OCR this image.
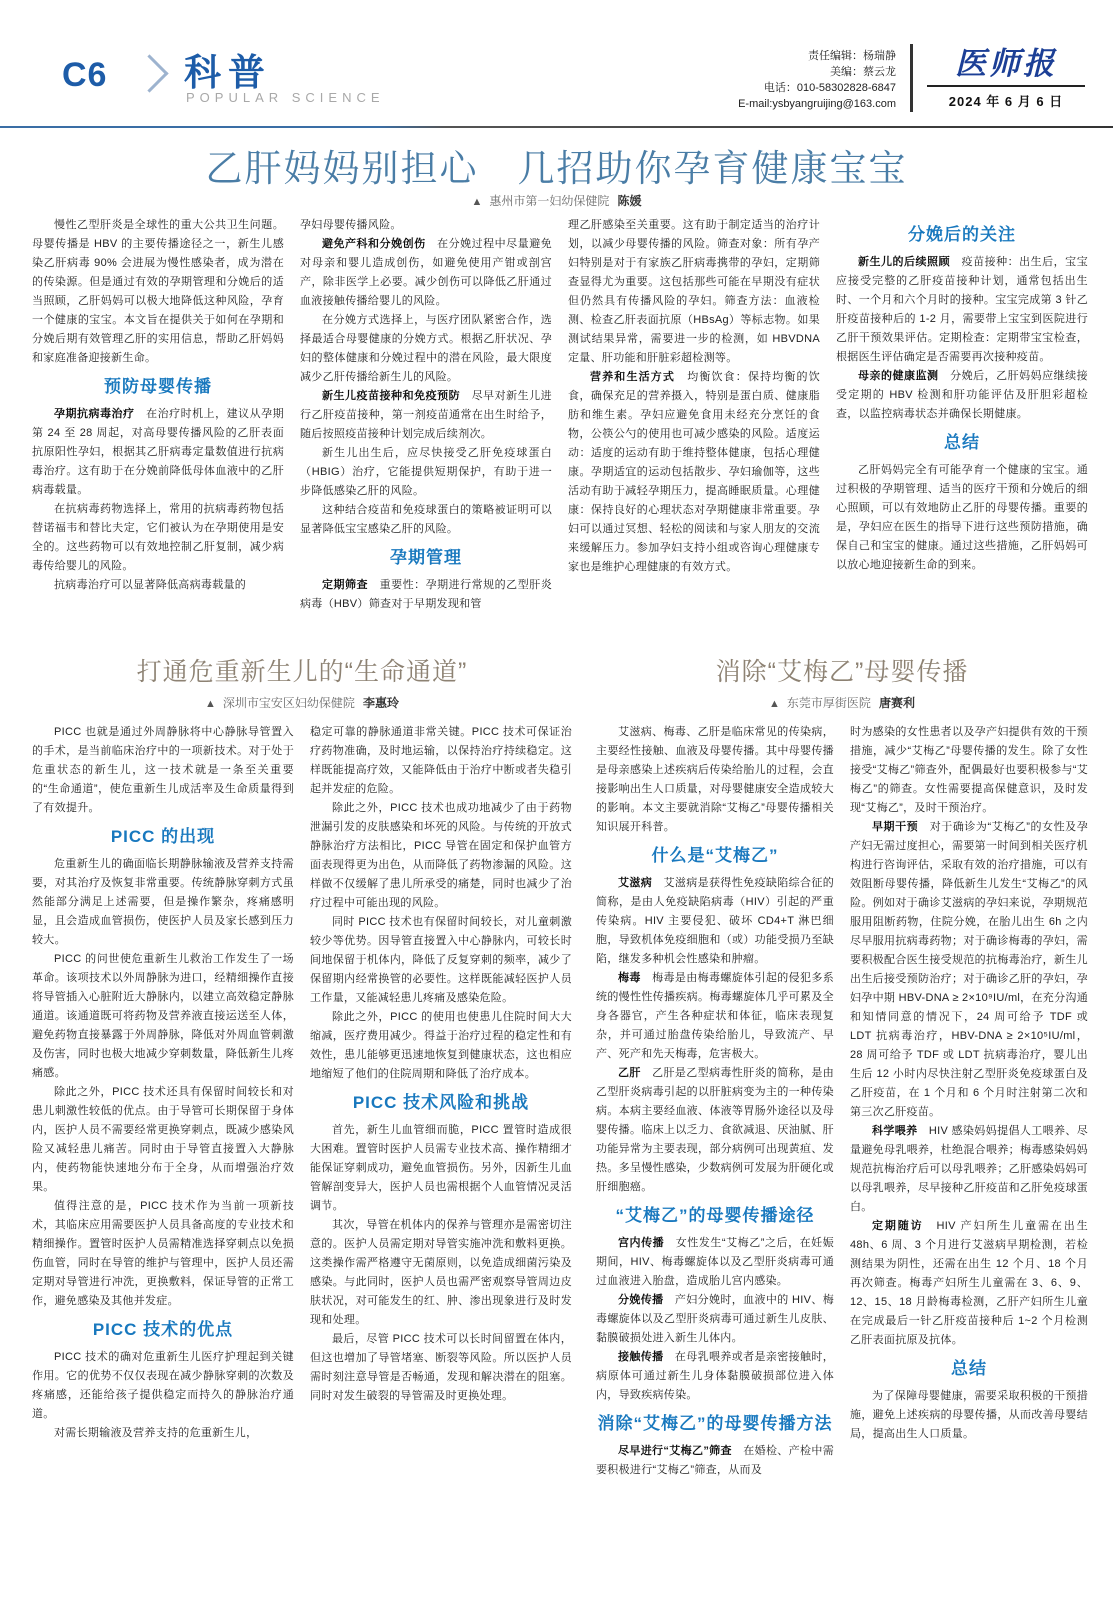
C6 科普
POPULAR SCIENCE
责任编辑：杨瑞静
美编：蔡云龙
电话：010-58302828-6847
E-mail:ysbyangruijing@163.com
医师报
2024 年 6 月 6 日
乙肝妈妈别担心　几招助你孕育健康宝宝
▲ 惠州市第一妇幼保健院 陈媛

慢性乙型肝炎是全球性的重大公共卫生问题。母婴传播是 HBV 的主要传播途径之一，新生儿感染乙肝病毒 90% 会进展为慢性感染者，成为潜在的传染源。但是通过有效的孕期管理和分娩后的适当照顾，乙肝妈妈可以极大地降低这种风险，孕育一个健康的宝宝。本文旨在提供关于如何在孕期和分娩后期有效管理乙肝的实用信息，帮助乙肝妈妈和家庭准备迎接新生命。

预防母婴传播

孕期抗病毒治疗　在治疗时机上，建议从孕期第 24 至 28 周起，对高母婴传播风险的乙肝表面抗原阳性孕妇，根据其乙肝病毒定量数值进行抗病毒治疗。这有助于在分娩前降低母体血液中的乙肝病毒载量。

在抗病毒药物选择上，常用的抗病毒药物包括替诺福韦和替比夫定，它们被认为在孕期使用是安全的。这些药物可以有效地控制乙肝复制，减少病毒传给婴儿的风险。

抗病毒治疗可以显著降低高病毒载量的

孕妇母婴传播风险。

避免产科和分娩创伤　在分娩过程中尽量避免对母亲和婴儿造成创伤，如避免使用产钳或剖宫产，除非医学上必要。减少创伤可以降低乙肝通过血液接触传播给婴儿的风险。

在分娩方式选择上，与医疗团队紧密合作，选择最适合母婴健康的分娩方式。根据乙肝状况、孕妇的整体健康和分娩过程中的潜在风险，最大限度减少乙肝传播给新生儿的风险。

新生儿疫苗接种和免疫预防　尽早对新生儿进行乙肝疫苗接种，第一剂疫苗通常在出生时给予，随后按照疫苗接种计划完成后续剂次。

新生儿出生后，应尽快接受乙肝免疫球蛋白（HBIG）治疗，它能提供短期保护，有助于进一步降低感染乙肝的风险。

这种结合疫苗和免疫球蛋白的策略被证明可以显著降低宝宝感染乙肝的风险。

孕期管理

定期筛查　重要性：孕期进行常规的乙型肝炎病毒（HBV）筛查对于早期发现和管

理乙肝感染至关重要。这有助于制定适当的治疗计划，以减少母婴传播的风险。筛查对象：所有孕产妇特别是对于有家族乙肝病毒携带的孕妇，定期筛查显得尤为重要。这包括那些可能在早期没有症状但仍然具有传播风险的孕妇。筛查方法：血液检测、检查乙肝表面抗原（HBsAg）等标志物。如果测试结果异常，需要进一步的检测，如 HBVDNA 定量、肝功能和肝脏彩超检测等。

营养和生活方式　均衡饮食：保持均衡的饮食，确保充足的营养摄入，特别是蛋白质、健康脂肪和维生素。孕妇应避免食用未经充分烹饪的食物，公筷公勺的使用也可减少感染的风险。适度运动：适度的运动有助于维持整体健康，包括心理健康。孕期适宜的运动包括散步、孕妇瑜伽等，这些活动有助于减轻孕期压力，提高睡眠质量。心理健康：保持良好的心理状态对孕期健康非常重要。孕妇可以通过冥想、轻松的阅读和与家人朋友的交流来缓解压力。参加孕妇支持小组或咨询心理健康专家也是维护心理健康的有效方式。

分娩后的关注

新生儿的后续照顾　疫苗接种：出生后，宝宝应接受完整的乙肝疫苗接种计划，通常包括出生时、一个月和六个月时的接种。宝宝完成第 3 针乙肝疫苗接种后的 1-2 月，需要带上宝宝到医院进行乙肝干预效果评估。定期检查：定期带宝宝检查，根据医生评估确定是否需要再次接种疫苗。

母亲的健康监测　分娩后，乙肝妈妈应继续接受定期的 HBV 检测和肝功能评估及肝胆彩超检查，以监控病毒状态并确保长期健康。

总结

乙肝妈妈完全有可能孕育一个健康的宝宝。通过积极的孕期管理、适当的医疗干预和分娩后的细心照顾，可以有效地防止乙肝的母婴传播。重要的是，孕妇应在医生的指导下进行这些预防措施，确保自己和宝宝的健康。通过这些措施，乙肝妈妈可以放心地迎接新生命的到来。

打通危重新生儿的“生命通道”
▲ 深圳市宝安区妇幼保健院 李惠玲

PICC 也就是通过外周静脉将中心静脉导管置入的手术，是当前临床治疗中的一项新技术。对于处于危重状态的新生儿，这一技术就是一条至关重要的“生命通道”，使危重新生儿成活率及生命质量得到了有效提升。

PICC 的出现

危重新生儿的确面临长期静脉输液及营养支持需要，对其治疗及恢复非常重要。传统静脉穿刺方式虽然能部分满足上述需要，但是操作繁杂，疼痛感明显，且会造成血管损伤，使医护人员及家长感到压力较大。

PICC 的问世使危重新生儿救治工作发生了一场革命。该项技术以外周静脉为进口，经精细操作直接将导管插入心脏附近大静脉内，以建立高效稳定静脉通道。该通道既可将药物及营养液直接运送至人体，避免药物直接暴露于外周静脉，降低对外周血管刺激及伤害，同时也极大地减少穿刺数量，降低新生儿疼痛感。

除此之外，PICC 技术还具有保留时间较长和对患儿刺激性较低的优点。由于导管可长期保留于身体内，医护人员不需要经常更换穿刺点，既减少感染风险又减轻患儿痛苦。同时由于导管直接置入大静脉内，使药物能快速地分布于全身，从而增强治疗效果。

值得注意的是，PICC 技术作为当前一项新技术，其临床应用需要医护人员具备高度的专业技术和精细操作。置管时医护人员需精准选择穿刺点以免损伤血管，同时在导管的维护与管理中，医护人员还需定期对导管进行冲洗，更换敷料，保证导管的正常工作，避免感染及其他并发症。

PICC 技术的优点

PICC 技术的确对危重新生儿医疗护理起到关键作用。它的优势不仅仅表现在减少静脉穿刺的次数及疼痛感，还能给孩子提供稳定而持久的静脉治疗通道。

对需长期输液及营养支持的危重新生儿，

稳定可靠的静脉通道非常关键。PICC 技术可保证治疗药物准确，及时地运输，以保持治疗持续稳定。这样既能提高疗效，又能降低由于治疗中断或者失稳引起并发症的危险。

除此之外，PICC 技术也成功地减少了由于药物泄漏引发的皮肤感染和坏死的风险。与传统的开放式静脉治疗方法相比，PICC 导管在固定和保护血管方面表现得更为出色，从而降低了药物渗漏的风险。这样做不仅缓解了患儿所承受的痛楚，同时也减少了治疗过程中可能出现的风险。

同时 PICC 技术也有保留时间较长，对儿童刺激较少等优势。因导管直接置入中心静脉内，可较长时间地保留于机体内，降低了反复穿刺的频率，减少了保留期内经常换管的必要性。这样既能减轻医护人员工作量，又能减轻患儿疼痛及感染危险。

除此之外，PICC 的使用也使患儿住院时间大大缩减，医疗费用减少。得益于治疗过程的稳定性和有效性，患儿能够更迅速地恢复到健康状态，这也相应地缩短了他们的住院周期和降低了治疗成本。

PICC 技术风险和挑战

首先，新生儿血管细而脆，PICC 置管时造成很大困难。置管时医护人员需专业技术高、操作精细才能保证穿刺成功，避免血管损伤。另外，因新生儿血管解剖变异大，医护人员也需根据个人血管情况灵活调节。

其次，导管在机体内的保养与管理亦是需密切注意的。医护人员需定期对导管实施冲洗和敷料更换。这类操作需严格遵守无菌原则，以免造成细菌污染及感染。与此同时，医护人员也需严密观察导管周边皮肤状况，对可能发生的红、肿、渗出现象进行及时发现和处理。

最后，尽管 PICC 技术可以长时间留置在体内，但这也增加了导管堵塞、断裂等风险。所以医护人员需时刻注意导管是否畅通，发现和解决潜在的阻塞。同时对发生破裂的导管需及时更换处理。

消除“艾梅乙”母婴传播
▲ 东莞市厚街医院 唐赛利

艾滋病、梅毒、乙肝是临床常见的传染病，主要经性接触、血液及母婴传播。其中母婴传播是母亲感染上述疾病后传染给胎儿的过程，会直接影响出生人口质量，对母婴健康安全造成较大的影响。本文主要就消除“艾梅乙”母婴传播相关知识展开科普。

什么是“艾梅乙”

艾滋病　艾滋病是获得性免疫缺陷综合征的简称，是由人免疫缺陷病毒（HIV）引起的严重传染病。HIV 主要侵犯、破坏 CD4+T 淋巴细胞，导致机体免疫细胞和（或）功能受损乃至缺陷，继发多种机会性感染和肿瘤。

梅毒　梅毒是由梅毒螺旋体引起的侵犯多系统的慢性性传播疾病。梅毒螺旋体几乎可累及全身各器官，产生各种症状和体征，临床表现复杂，并可通过胎盘传染给胎儿，导致流产、早产、死产和先天梅毒，危害极大。

乙肝　乙肝是乙型病毒性肝炎的简称，是由乙型肝炎病毒引起的以肝脏病变为主的一种传染病。本病主要经血液、体液等胃肠外途径以及母婴传播。临床上以乏力、食欲减退、厌油腻、肝功能异常为主要表现，部分病例可出现黄疸、发热。多呈慢性感染，少数病例可发展为肝硬化或肝细胞癌。

“艾梅乙”的母婴传播途径

宫内传播　女性发生“艾梅乙”之后，在妊娠期间，HIV、梅毒螺旋体以及乙型肝炎病毒可通过血液进入胎盘，造成胎儿宫内感染。

分娩传播　产妇分娩时，血液中的 HIV、梅毒螺旋体以及乙型肝炎病毒可通过新生儿皮肤、黏膜破损处进入新生儿体内。

接触传播　在母乳喂养或者是亲密接触时，病原体可通过新生儿身体黏膜破损部位进入体内，导致疾病传染。

消除“艾梅乙”的母婴传播方法

尽早进行“艾梅乙”筛查　在婚检、产检中需要积极进行“艾梅乙”筛查，从而及

时为感染的女性患者以及孕产妇提供有效的干预措施，减少“艾梅乙”母婴传播的发生。除了女性接受“艾梅乙”筛查外，配偶最好也要积极参与“艾梅乙”的筛查。女性需要提高保健意识，及时发现“艾梅乙”，及时干预治疗。

早期干预　对于确诊为“艾梅乙”的女性及孕产妇无需过度担心，需要第一时间到相关医疗机构进行咨询评估，采取有效的治疗措施，可以有效阻断母婴传播，降低新生儿发生“艾梅乙”的风险。例如对于确诊艾滋病的孕妇来说，孕期规范服用阻断药物，住院分娩，在胎儿出生 6h 之内尽早服用抗病毒药物；对于确诊梅毒的孕妇，需要积极配合医生接受规范的抗梅毒治疗，新生儿出生后接受预防治疗；对于确诊乙肝的孕妇，孕妇孕中期 HBV-DNA ≥ 2×10⁹IU/ml，在充分沟通和知情同意的情况下，24 周可给予 TDF 或 LDT 抗病毒治疗，HBV-DNA ≥ 2×10⁵IU/ml，28 周可给予 TDF 或 LDT 抗病毒治疗，婴儿出生后 12 小时内尽快注射乙型肝炎免疫球蛋白及乙肝疫苗，在 1 个月和 6 个月时注射第二次和第三次乙肝疫苗。

科学喂养　HIV 感染妈妈提倡人工喂养、尽量避免母乳喂养，杜绝混合喂养；梅毒感染妈妈规范抗梅治疗后可以母乳喂养；乙肝感染妈妈可以母乳喂养，尽早接种乙肝疫苗和乙肝免疫球蛋白。

定期随访　HIV 产妇所生儿童需在出生 48h、6 周、3 个月进行艾滋病早期检测，若检测结果为阴性，还需在出生 12 个月、18 个月再次筛查。梅毒产妇所生儿童需在 3、6、9、12、15、18 月龄梅毒检测，乙肝产妇所生儿童在完成最后一针乙肝疫苗接种后 1~2 个月检测乙肝表面抗原及抗体。

总结

为了保障母婴健康，需要采取积极的干预措施，避免上述疾病的母婴传播，从而改善母婴结局，提高出生人口质量。
